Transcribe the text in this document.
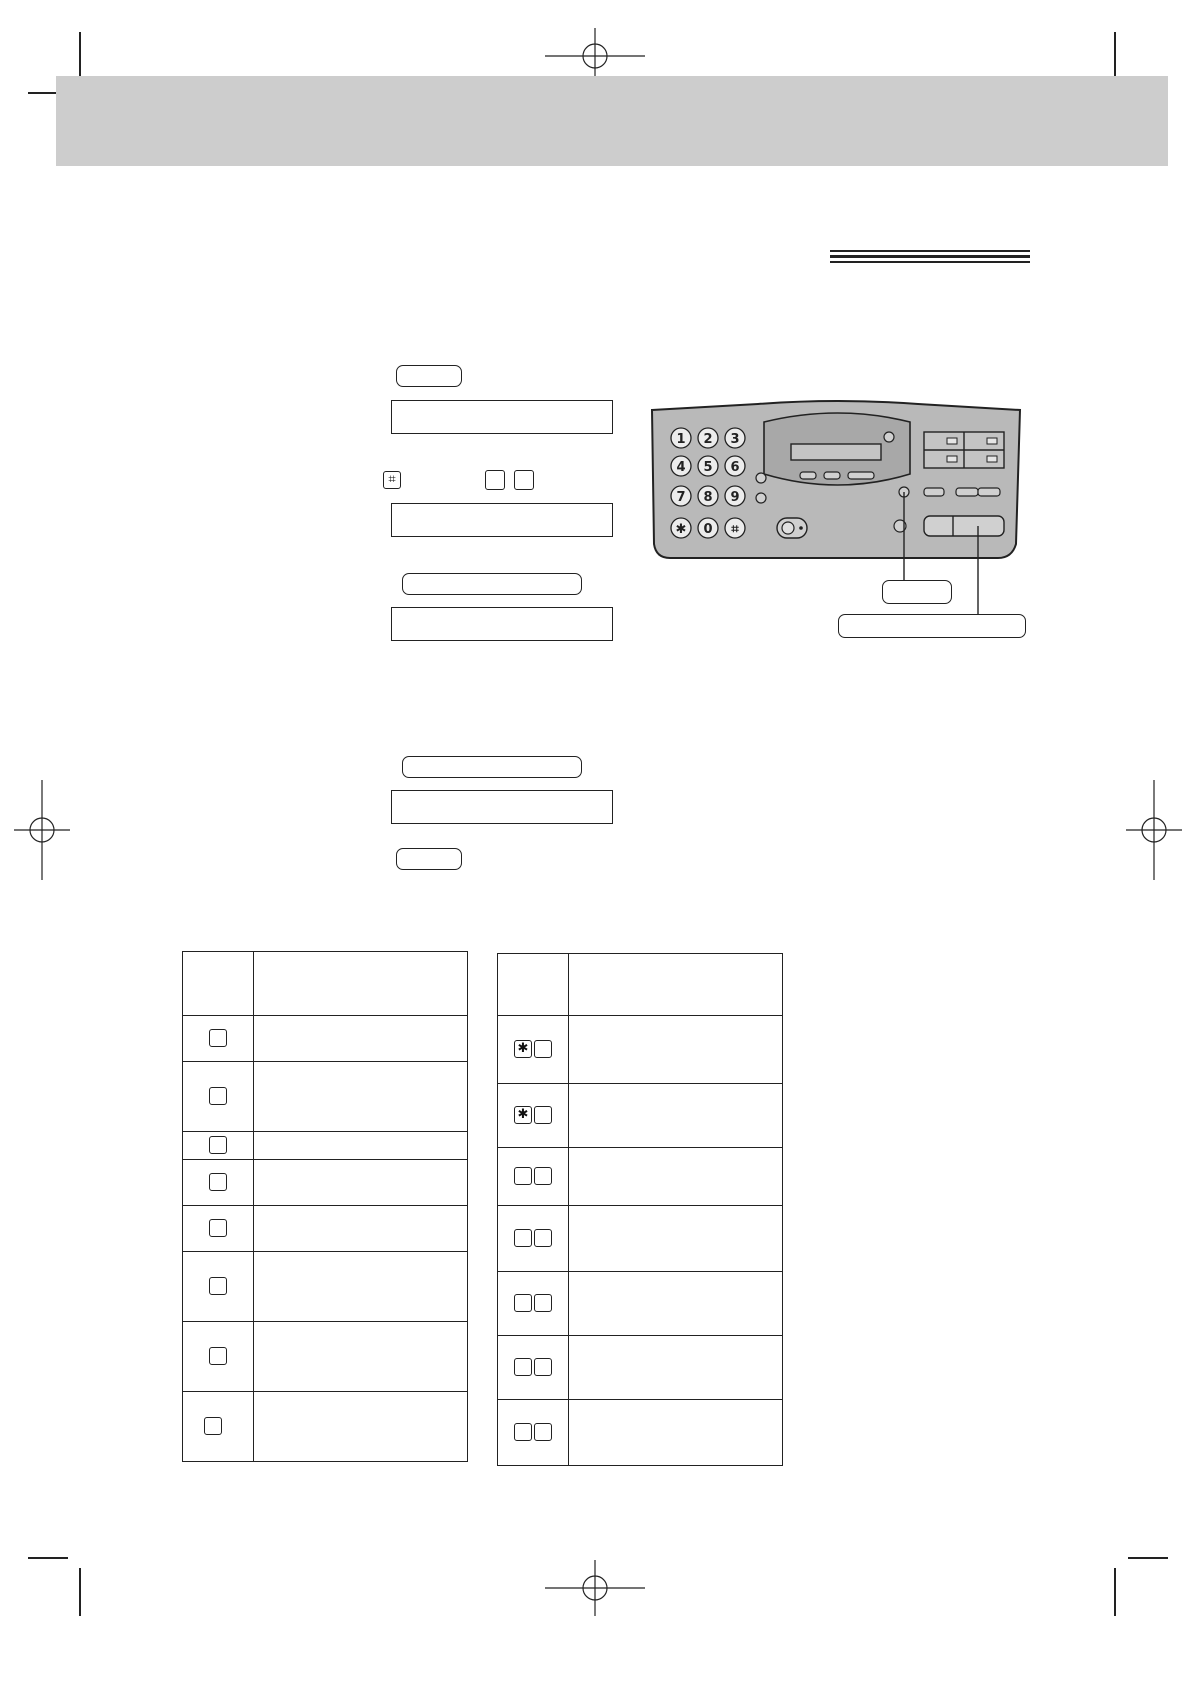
⌗
1 2 3
4 5 6
7 8 9
✱ 0 ⌗

✱	
✱	
